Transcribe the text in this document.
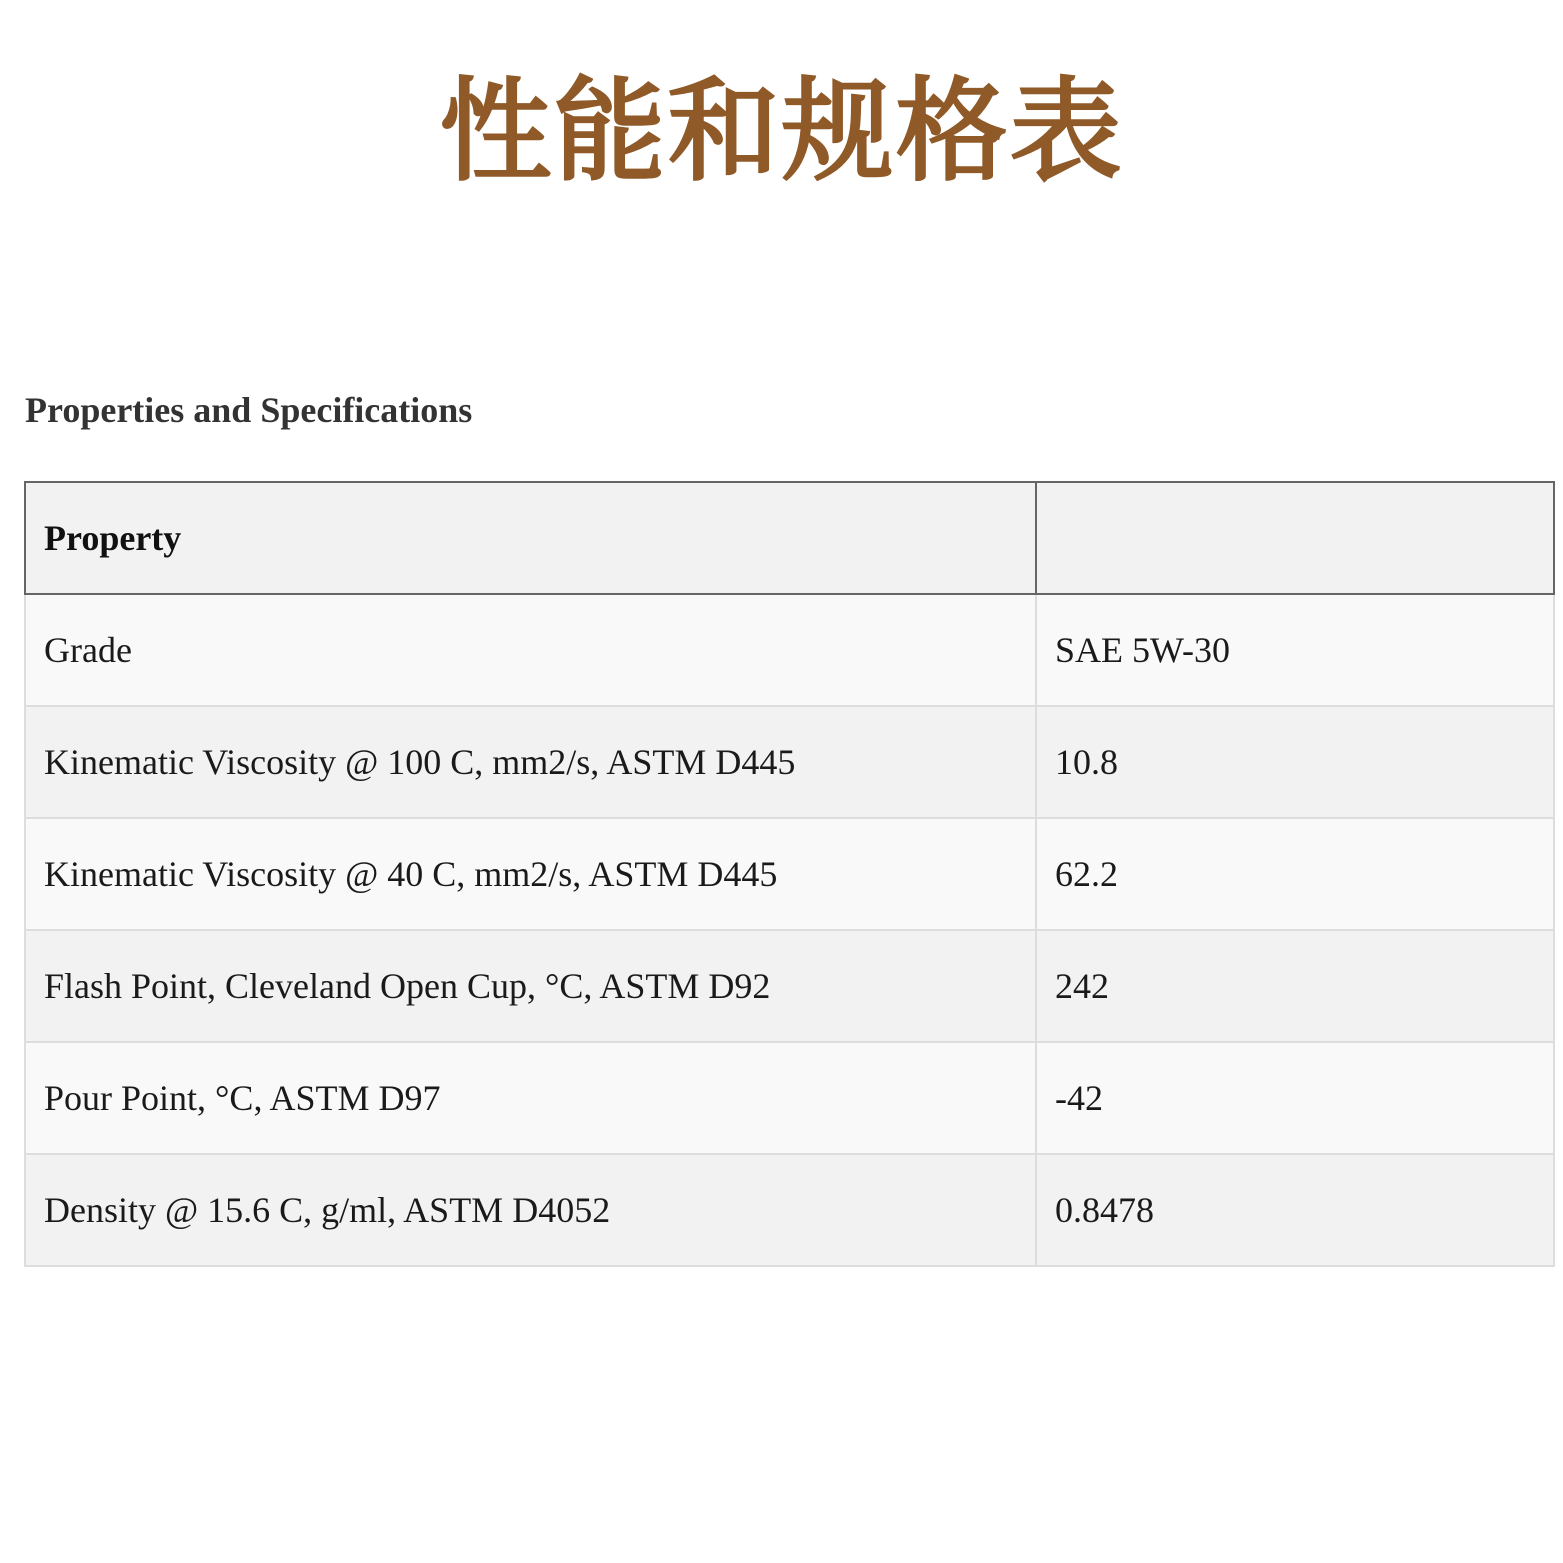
性能和规格表
Properties and Specifications
Property	
Grade	SAE 5W-30
Kinematic Viscosity @ 100 C, mm2/s, ASTM D445	10.8
Kinematic Viscosity @ 40 C, mm2/s, ASTM D445	62.2
Flash Point, Cleveland Open Cup, °C, ASTM D92	242
Pour Point, °C, ASTM D97	-42
Density @ 15.6 C, g/ml, ASTM D4052	0.8478
